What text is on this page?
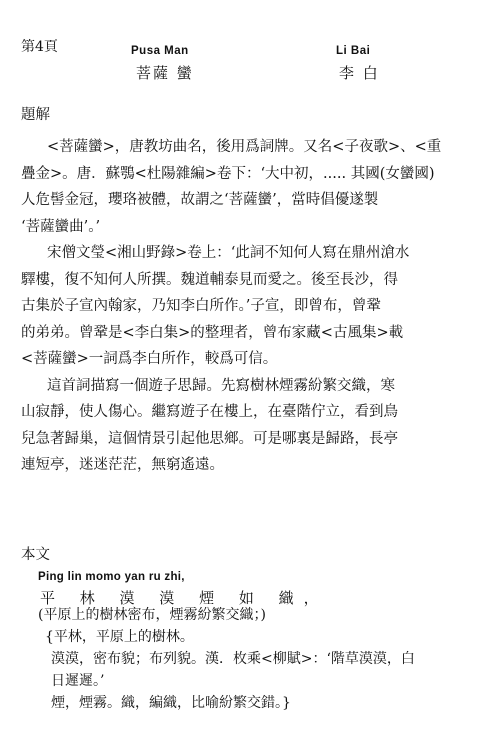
第4頁	Pusa Man
菩薩 蠻
Li Bai
李 白
題解
<菩薩蠻>，唐教坊曲名，後用爲詞牌。又名<子夜歌>、<重
疊金>。唐．蘇鶚<杜陽雜編>卷下：‘大中初，..... 其國(女蠻國)
人危髻金冠，瓔珞被體，故謂之‘菩薩蠻’，當時倡優遂製
‘菩薩蠻曲’。’
宋僧文瑩<湘山野錄>卷上：‘此詞不知何人寫在鼎州滄水
驛樓，復不知何人所撰。魏道輔泰見而愛之。後至長沙，得
古集於子宣內翰家，乃知李白所作。’子宣，即曾布，曾鞏
的弟弟。曾鞏是<李白集>的整理者，曾布家藏<古風集>載
<菩薩蠻>一詞爲李白所作，較爲可信。
這首詞描寫一個遊子思歸。先寫樹林煙霧紛繁交織，寒
山寂靜，使人傷心。繼寫遊子在樓上，在臺階佇立，看到鳥
兒急著歸巢，這個情景引起他思鄉。可是哪裏是歸路，長亭
連短亭，迷迷茫茫，無窮遙遠。
本文
Ping lin momo yan ru zhi,
平 林 漠 漠 煙 如 織，
(平原上的樹林密布，煙霧紛繁交織；)
{平林，平原上的樹林。
漠漠，密布貌；布列貌。漢．枚乘<柳賦>：‘階草漠漠，白
日遲遲。’
煙，煙霧。織，編織，比喻紛繁交錯。}
